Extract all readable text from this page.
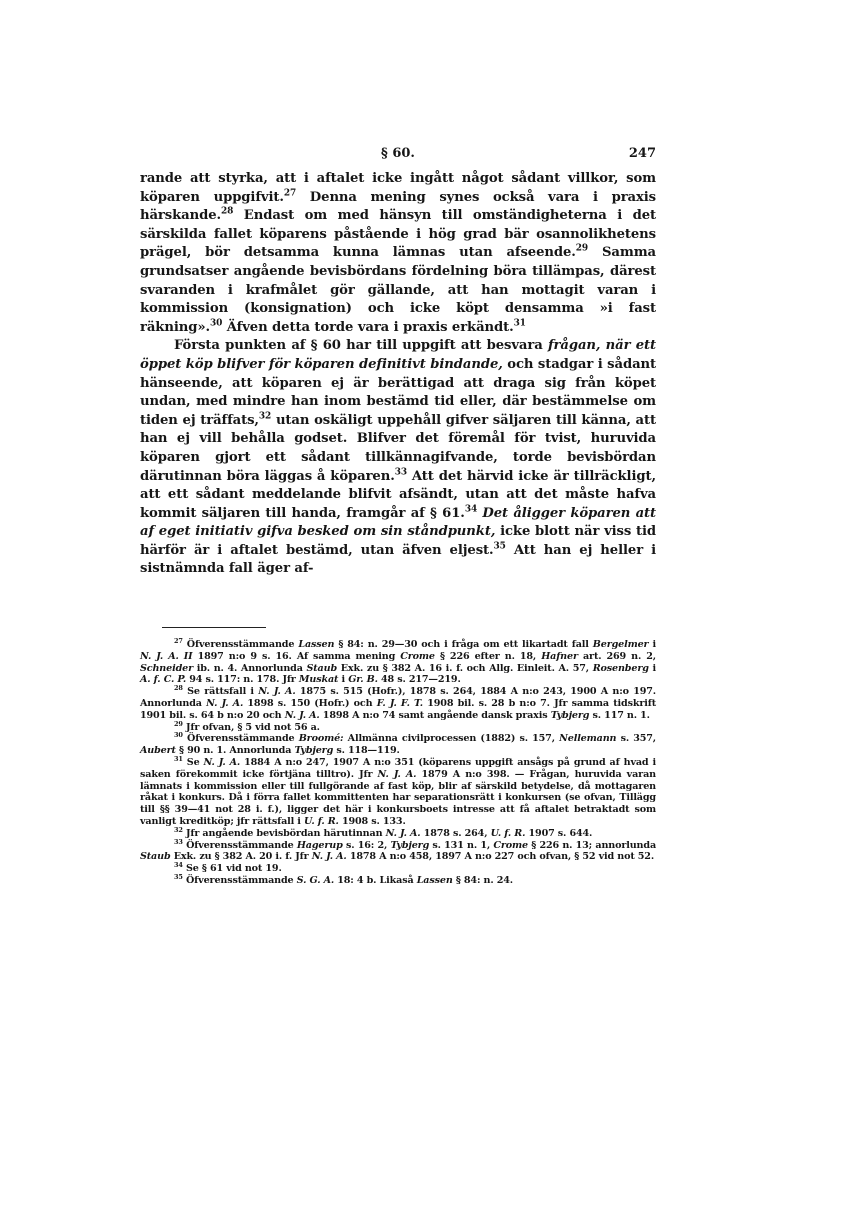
§ 60.	247

rande att styrka, att i aftalet icke ingått något sådant villkor, som köparen uppgifvit.$^{27}$ Denna mening synes också vara i praxis härskande.$^{28}$ Endast om med hänsyn till omständigheterna i det särskilda fallet köparens påstående i hög grad bär osannolikhetens prägel, bör detsamma kunna lämnas utan afseende.$^{29}$ Samma grundsatser angående bevisbördans fördelning böra tillämpas, därest svaranden i krafmålet gör gällande, att han mottagit varan i kommission (konsignation) och icke köpt densamma »i fast räkning».$^{30}$ Äfven detta torde vara i praxis erkändt.$^{31}$

Första punkten af § 60 har till uppgift att besvara frågan, när ett öppet köp blifver för köparen definitivt bindande, och stadgar i sådant hänseende, att köparen ej är berättigad att draga sig från köpet undan, med mindre han inom bestämd tid eller, där bestämmelse om tiden ej träffats,$^{32}$ utan oskäligt uppehåll gifver säljaren till känna, att han ej vill behålla godset. Blifver det föremål för tvist, huruvida köparen gjort ett sådant tillkännagifvande, torde bevisbördan därutinnan böra läggas å köparen.$^{33}$ Att det härvid icke är tillräckligt, att ett sådant meddelande blifvit afsändt, utan att det måste hafva kommit säljaren till handa, framgår af § 61.34 Det åligger köparen att af eget initiativ gifva besked om sin ståndpunkt, icke blott när viss tid härför är i aftalet bestämd, utan äfven eljest.$^{35}$ Att han ej heller i sistnämnda fall äger af-

$^{27}$ Öfverensstämmande Lassen § 84: n. 29—30 och i fråga om ett likartadt fall Bergelmer i N. J. A. II 1897 n:o 9 s. 16. Af samma mening Crome § 226 efter n. 18, Hafner art. 269 n. 2, Schneider ib. n. 4. Annorlunda Staub Exk. zu § 382 A. 16 i. f. och Allg. Einleit. A. 57, Rosenberg i A. f. C. P. 94 s. 117: n. 178. Jfr Muskat i Gr. B. 48 s. 217—219.

$^{28}$ Se rättsfall i N. J. A. 1875 s. 515 (Hofr.), 1878 s. 264, 1884 A n:o 243, 1900 A n:o 197. Annorlunda N. J. A. 1898 s. 150 (Hofr.) och F. J. F. T. 1908 bil. s. 28 b n:o 7. Jfr samma tidskrift 1901 bil. s. 64 b n:o 20 och N. J. A. 1898 A n:o 74 samt angående dansk praxis Tybjerg s. 117 n. 1.

$^{29}$ Jfr ofvan, § 5 vid not 56 a.

$^{30}$ Öfverensstämmande Broomé: Allmänna civilprocessen (1882) s. 157, Nellemann s. 357, Aubert § 90 n. 1. Annorlunda Tybjerg s. 118—119.

$^{31}$ Se N. J. A. 1884 A n:o 247, 1907 A n:o 351 (köparens uppgift ansågs på grund af hvad i saken förekommit icke förtjäna tilltro). Jfr N. J. A. 1879 A n:o 398. — Frågan, huruvida varan lämnats i kommission eller till fullgörande af fast köp, blir af särskild betydelse, då mottagaren råkat i konkurs. Då i förra fallet kommittenten har separationsrätt i konkursen (se ofvan, Tillägg till §§ 39—41 not 28 i. f.), ligger det här i konkursboets intresse att få aftalet betraktadt som vanligt kreditköp; jfr rättsfall i U. f. R. 1908 s. 133.

$^{32}$ Jfr angående bevisbördan härutinnan N. J. A. 1878 s. 264, U. f. R. 1907 s. 644.

$^{33}$ Öfverensstämmande Hagerup s. 16: 2, Tybjerg s. 131 n. 1, Crome § 226 n. 13; annorlunda Staub Exk. zu § 382 A. 20 i. f. Jfr N. J. A. 1878 A n:o 458, 1897 A n:o 227 och ofvan, § 52 vid not 52.

$^{34}$ Se § 61 vid not 19.

$^{35}$ Öfverensstämmande S. G. A. 18: 4 b. Likaså Lassen § 84: n. 24.
